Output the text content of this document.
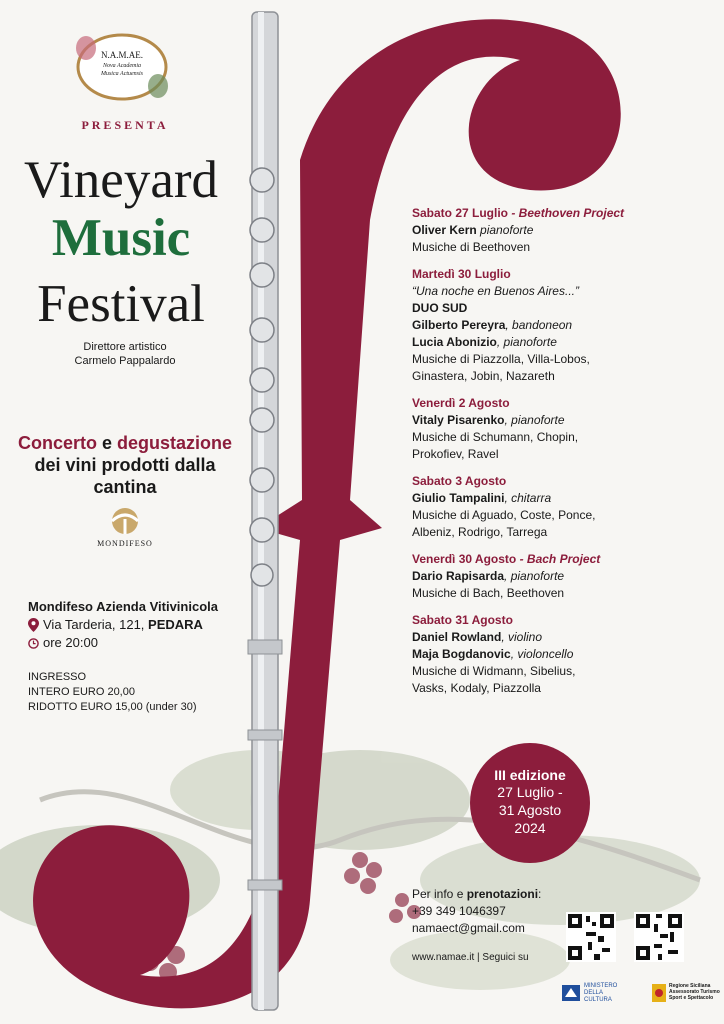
N.A.M.AE.
Nova Academia
Musica Actuensis
PRESENTA
Vineyard
Music
Festival
Direttore artistico
Carmelo Pappalardo
Concerto e degustazione
dei vini prodotti dalla
cantina
MONDIFESO
Mondifeso Azienda Vitivinicola
Via Tarderia, 121, PEDARA
ore 20:00
INGRESSO
INTERO EURO 20,00
RIDOTTO EURO 15,00 (under 30)
Sabato 27 Luglio - Beethoven Project
Oliver Kern pianoforte
Musiche di Beethoven
Martedì 30 Luglio
“Una noche en Buenos Aires...”
DUO SUD
Gilberto Pereyra, bandoneon
Lucia Abonizio, pianoforte
Musiche di Piazzolla, Villa-Lobos,
Ginastera, Jobin, Nazareth
Venerdì 2 Agosto
Vitaly Pisarenko, pianoforte
Musiche di Schumann, Chopin,
Prokofiev, Ravel
Sabato 3 Agosto
Giulio Tampalini, chitarra
Musiche di Aguado, Coste, Ponce,
Albeniz, Rodrigo, Tarrega
Venerdì 30 Agosto - Bach Project
Dario Rapisarda, pianoforte
Musiche di Bach, Beethoven
Sabato 31 Agosto
Daniel Rowland, violino
Maja Bogdanovic, violoncello
Musiche di Widmann, Sibelius,
Vasks, Kodaly, Piazzolla
III edizione
27 Luglio -
31 Agosto
2024
Per info e prenotazioni:
+39 349 1046397
namaect@gmail.com
www.namae.it | Seguici su
MINISTERO
DELLA
CULTURA
Regione Siciliana
Assessorato Turismo
Sport e Spettacolo
